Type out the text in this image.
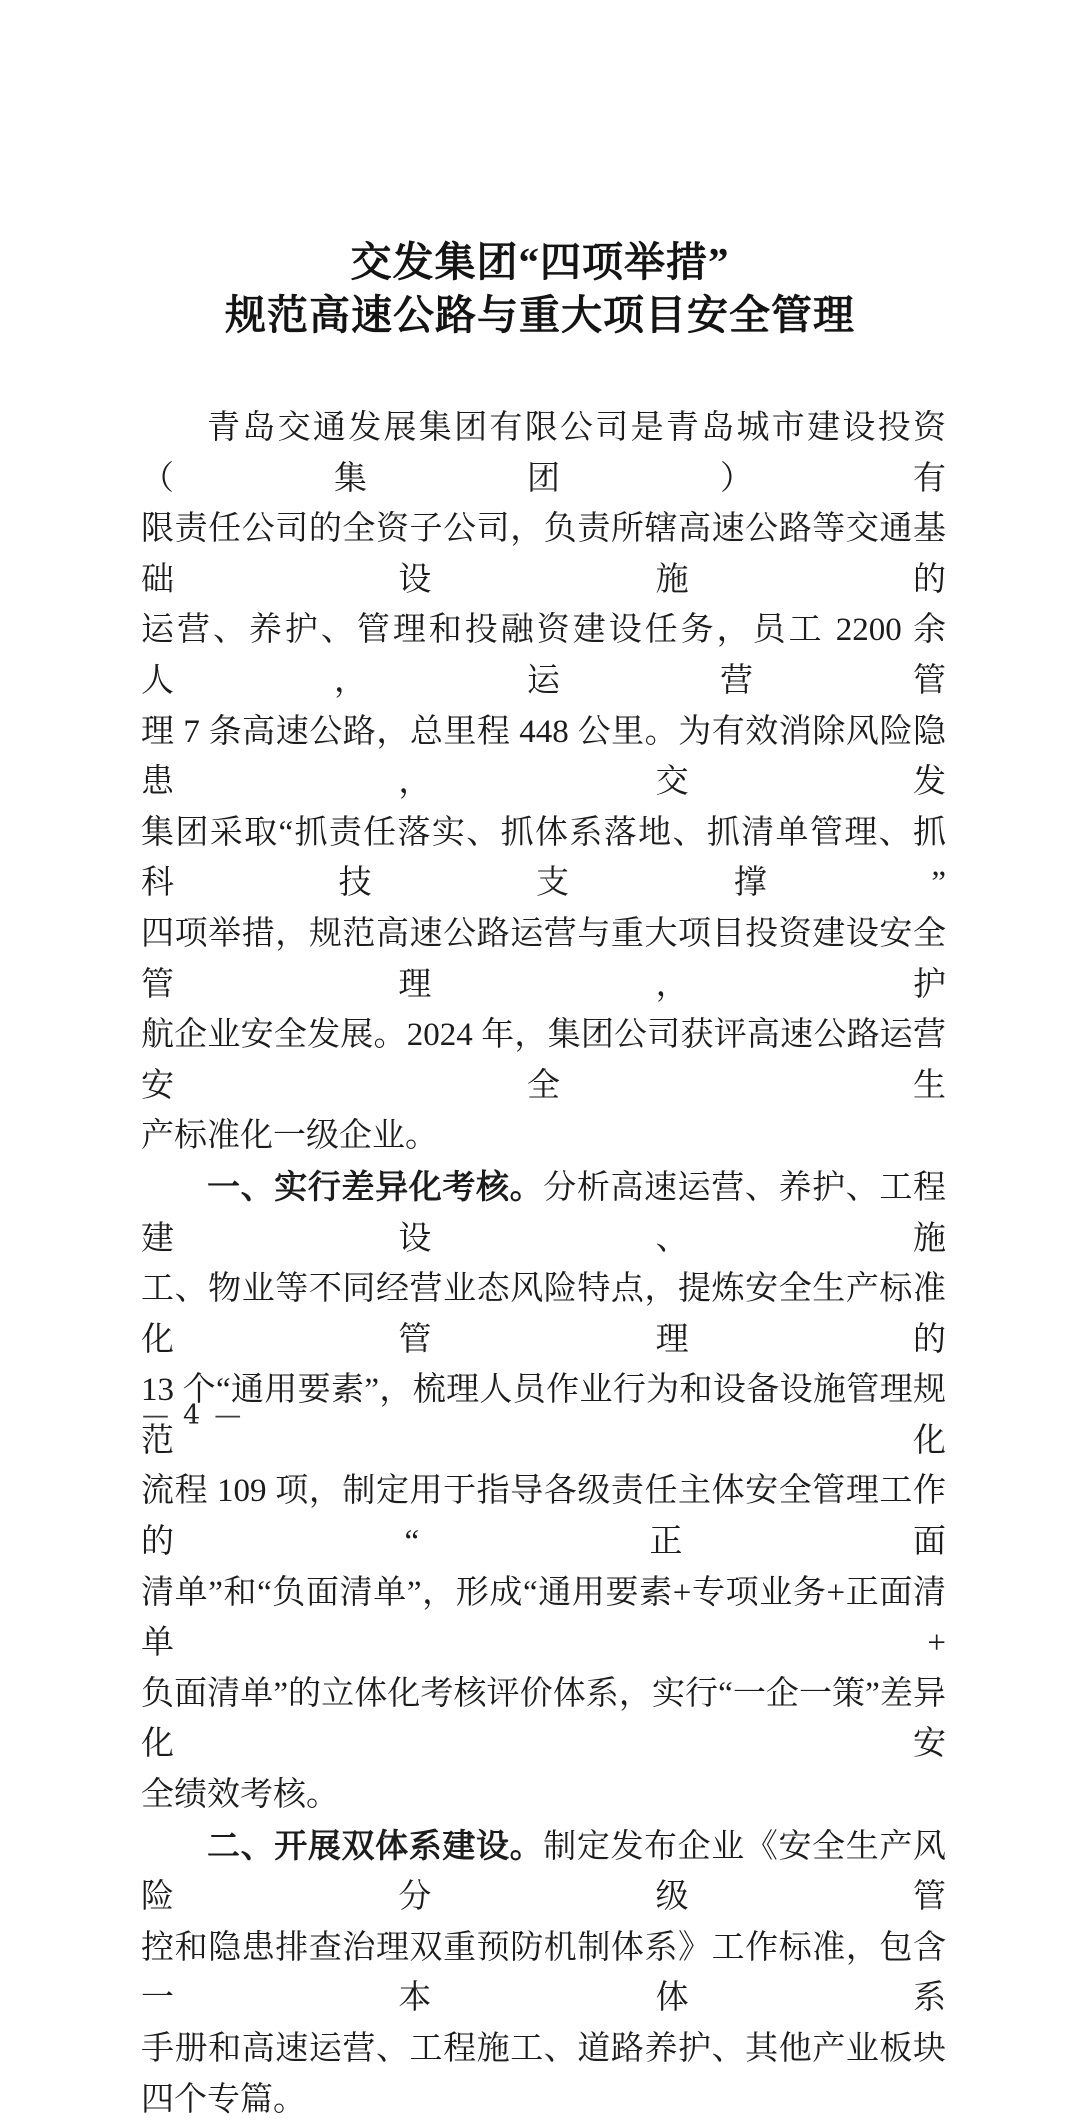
交发集团“四项举措”
规范高速公路与重大项目安全管理
青岛交通发展集团有限公司是青岛城市建设投资（集团）有
限责任公司的全资子公司，负责所辖高速公路等交通基础设施的
运营、养护、管理和投融资建设任务，员工 2200 余人，运营管
理 7 条高速公路，总里程 448 公里。为有效消除风险隐患，交发
集团采取“抓责任落实、抓体系落地、抓清单管理、抓科技支撑”
四项举措，规范高速公路运营与重大项目投资建设安全管理，护
航企业安全发展。2024 年，集团公司获评高速公路运营安全生
产标准化一级企业。
一、实行差异化考核。分析高速运营、养护、工程建设、施
工、物业等不同经营业态风险特点，提炼安全生产标准化管理的
13 个“通用要素”，梳理人员作业行为和设备设施管理规范化
流程 109 项，制定用于指导各级责任主体安全管理工作的“正面
清单”和“负面清单”，形成“通用要素+专项业务+正面清单+
负面清单”的立体化考核评价体系，实行“一企一策”差异化安
全绩效考核。
二、开展双体系建设。制定发布企业《安全生产风险分级管
控和隐患排查治理双重预防机制体系》工作标准，包含一本体系
手册和高速运营、工程施工、道路养护、其他产业板块四个专篇。
— 4 —
